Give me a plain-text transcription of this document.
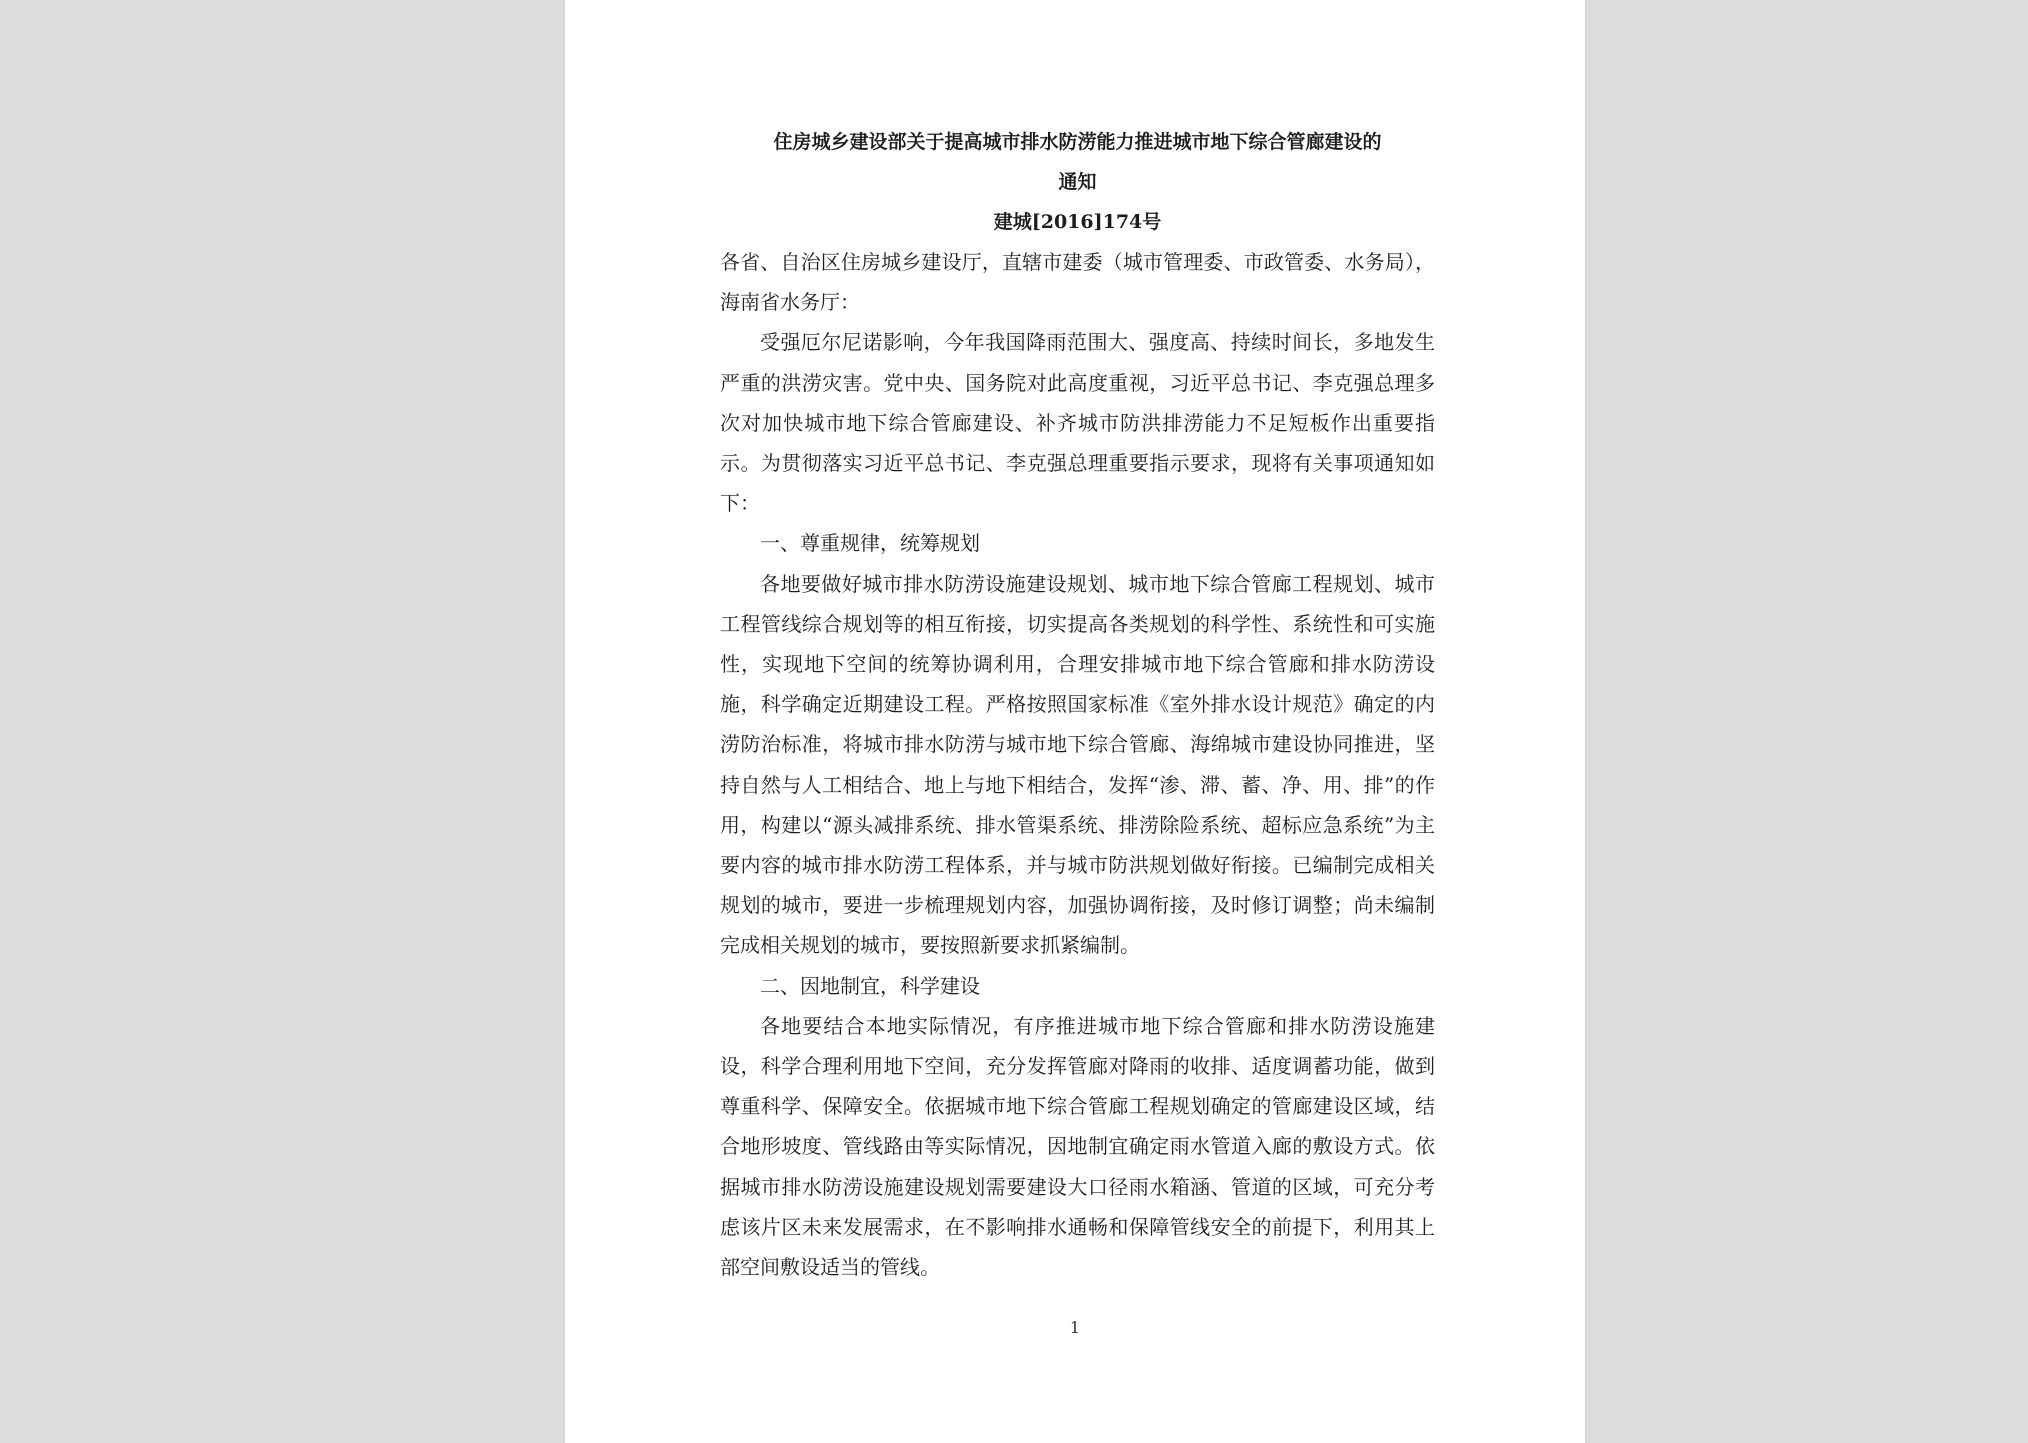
住房城乡建设部关于提高城市排水防涝能力推进城市地下综合管廊建设的

通知

建城[2016]174号

各省、自治区住房城乡建设厅，直辖市建委（城市管理委、市政管委、水务局），海南省水务厅：

受强厄尔尼诺影响，今年我国降雨范围大、强度高、持续时间长，多地发生严重的洪涝灾害。党中央、国务院对此高度重视，习近平总书记、李克强总理多次对加快城市地下综合管廊建设、补齐城市防洪排涝能力不足短板作出重要指示。为贯彻落实习近平总书记、李克强总理重要指示要求，现将有关事项通知如下：

一、尊重规律，统筹规划

各地要做好城市排水防涝设施建设规划、城市地下综合管廊工程规划、城市工程管线综合规划等的相互衔接，切实提高各类规划的科学性、系统性和可实施性，实现地下空间的统筹协调利用，合理安排城市地下综合管廊和排水防涝设施，科学确定近期建设工程。严格按照国家标准《室外排水设计规范》确定的内涝防治标准，将城市排水防涝与城市地下综合管廊、海绵城市建设协同推进，坚持自然与人工相结合、地上与地下相结合，发挥“渗、滞、蓄、净、用、排”的作用，构建以“源头减排系统、排水管渠系统、排涝除险系统、超标应急系统”为主要内容的城市排水防涝工程体系，并与城市防洪规划做好衔接。已编制完成相关规划的城市，要进一步梳理规划内容，加强协调衔接，及时修订调整；尚未编制完成相关规划的城市，要按照新要求抓紧编制。

二、因地制宜，科学建设

各地要结合本地实际情况，有序推进城市地下综合管廊和排水防涝设施建设，科学合理利用地下空间，充分发挥管廊对降雨的收排、适度调蓄功能，做到尊重科学、保障安全。依据城市地下综合管廊工程规划确定的管廊建设区域，结合地形坡度、管线路由等实际情况，因地制宜确定雨水管道入廊的敷设方式。依据城市排水防涝设施建设规划需要建设大口径雨水箱涵、管道的区域，可充分考虑该片区未来发展需求，在不影响排水通畅和保障管线安全的前提下，利用其上部空间敷设适当的管线。

1
